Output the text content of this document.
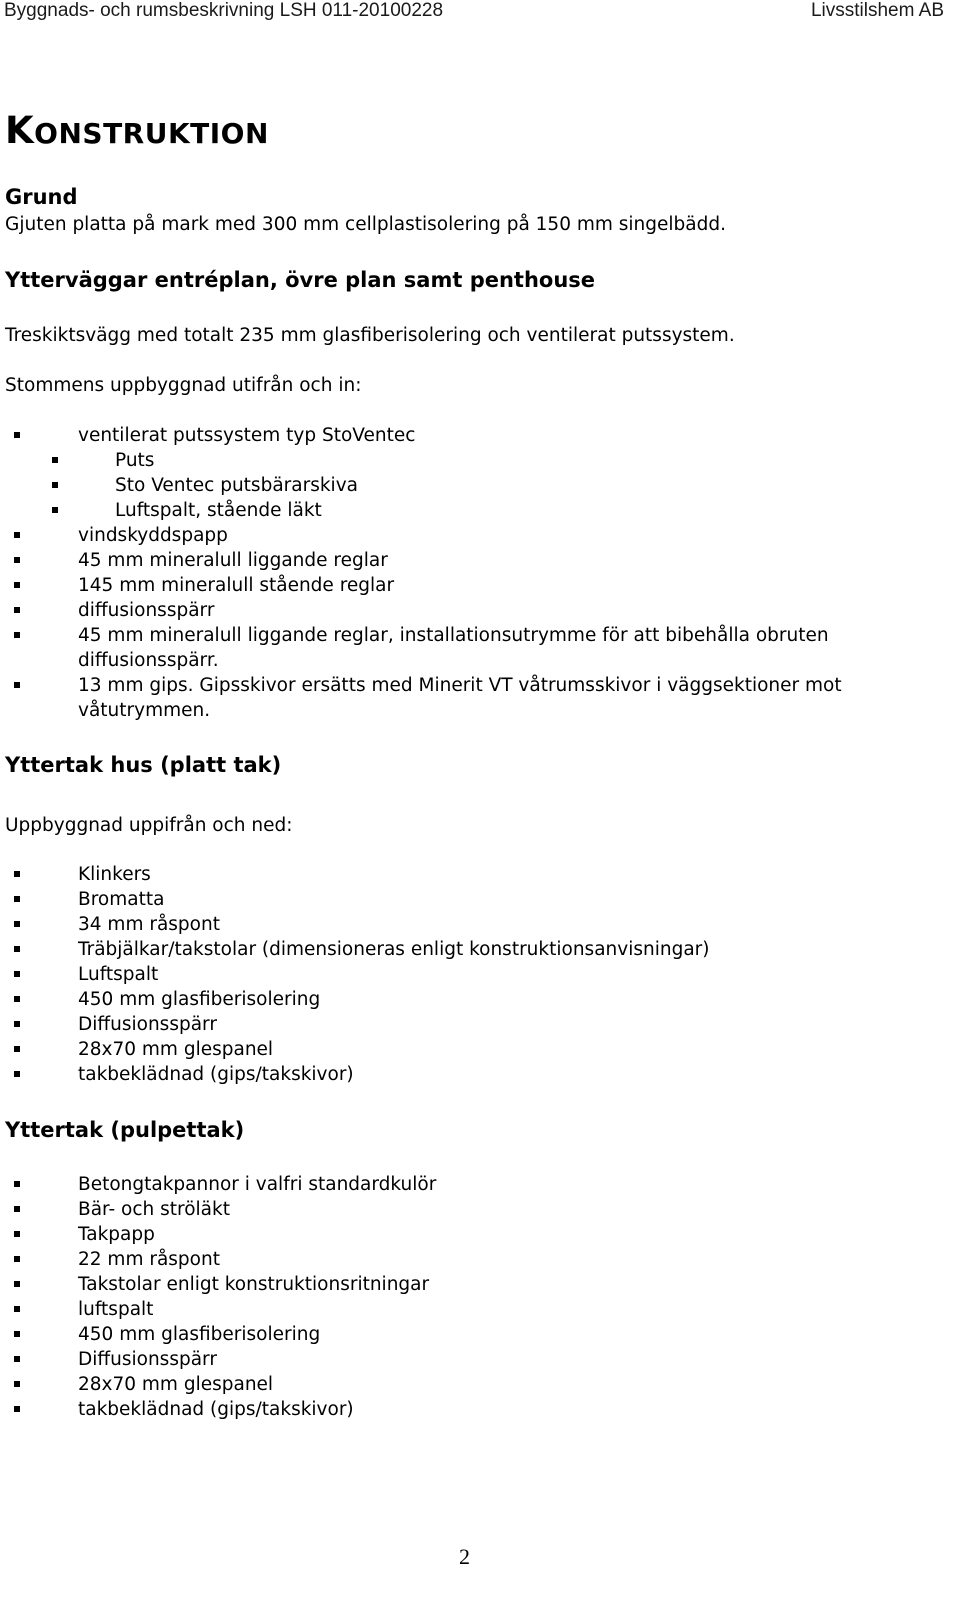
Byggnads- och rumsbeskrivning LSH 011-20100228	Livsstilshem AB
KONSTRUKTION
Grund
Gjuten platta på mark med 300 mm cellplastisolering på 150 mm singelbädd.
Ytterväggar entréplan, övre plan samt penthouse
Treskiktsvägg med totalt 235 mm glasfiberisolering och ventilerat putssystem.
Stommens uppbyggnad utifrån och in:
ventilerat putssystem typ StoVentec
Puts
Sto Ventec putsbärarskiva
Luftspalt, stående läkt
vindskyddspapp
45 mm mineralull liggande reglar
145 mm mineralull stående reglar
diffusionsspärr
45 mm mineralull liggande reglar, installationsutrymme för att bibehålla obruten
diffusionsspärr.
13 mm gips. Gipsskivor ersätts med Minerit VT våtrumsskivor i väggsektioner mot
våtutrymmen.
Yttertak hus (platt tak)
Uppbyggnad uppifrån och ned:
Klinkers
Bromatta
34 mm råspont
Träbjälkar/takstolar (dimensioneras enligt konstruktionsanvisningar)
Luftspalt
450 mm glasfiberisolering
Diffusionsspärr
28x70 mm glespanel
takbeklädnad (gips/takskivor)
Yttertak (pulpettak)
Betongtakpannor i valfri standardkulör
Bär- och ströläkt
Takpapp
22 mm råspont
Takstolar enligt konstruktionsritningar
luftspalt
450 mm glasfiberisolering
Diffusionsspärr
28x70 mm glespanel
takbeklädnad (gips/takskivor)
2
